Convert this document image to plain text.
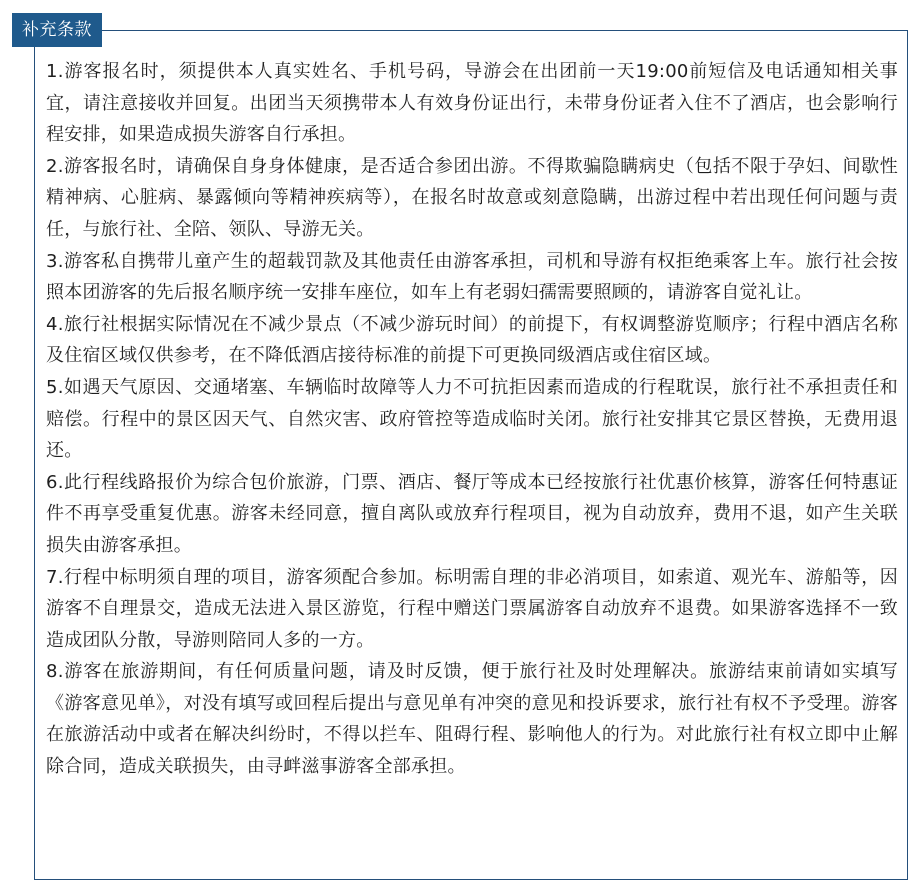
补充条款
1.游客报名时，须提供本人真实姓名、手机号码，导游会在出团前一天19:00前短信及电话通知相关事宜，请注意接收并回复。出团当天须携带本人有效身份证出行，未带身份证者入住不了酒店，也会影响行程安排，如果造成损失游客自行承担。
2.游客报名时，请确保自身身体健康，是否适合参团出游。不得欺骗隐瞒病史（包括不限于孕妇、间歇性精神病、心脏病、暴露倾向等精神疾病等），在报名时故意或刻意隐瞒，出游过程中若出现任何问题与责任，与旅行社、全陪、领队、导游无关。
3.游客私自携带儿童产生的超载罚款及其他责任由游客承担，司机和导游有权拒绝乘客上车。旅行社会按照本团游客的先后报名顺序统一安排车座位，如车上有老弱妇孺需要照顾的，请游客自觉礼让。
4.旅行社根据实际情况在不减少景点（不减少游玩时间）的前提下，有权调整游览顺序；行程中酒店名称及住宿区域仅供参考，在不降低酒店接待标准的前提下可更换同级酒店或住宿区域。
5.如遇天气原因、交通堵塞、车辆临时故障等人力不可抗拒因素而造成的行程耽误，旅行社不承担责任和赔偿。行程中的景区因天气、自然灾害、政府管控等造成临时关闭。旅行社安排其它景区替换，无费用退还。
6.此行程线路报价为综合包价旅游，门票、酒店、餐厅等成本已经按旅行社优惠价核算，游客任何特惠证件不再享受重复优惠。游客未经同意，擅自离队或放弃行程项目，视为自动放弃，费用不退，如产生关联损失由游客承担。
7.行程中标明须自理的项目，游客须配合参加。标明需自理的非必消项目，如索道、观光车、游船等，因游客不自理景交，造成无法进入景区游览，行程中赠送门票属游客自动放弃不退费。如果游客选择不一致造成团队分散，导游则陪同人多的一方。
8.游客在旅游期间，有任何质量问题，请及时反馈，便于旅行社及时处理解决。旅游结束前请如实填写《游客意见单》，对没有填写或回程后提出与意见单有冲突的意见和投诉要求，旅行社有权不予受理。游客在旅游活动中或者在解决纠纷时，不得以拦车、阻碍行程、影响他人的行为。对此旅行社有权立即中止解除合同，造成关联损失，由寻衅滋事游客全部承担。
